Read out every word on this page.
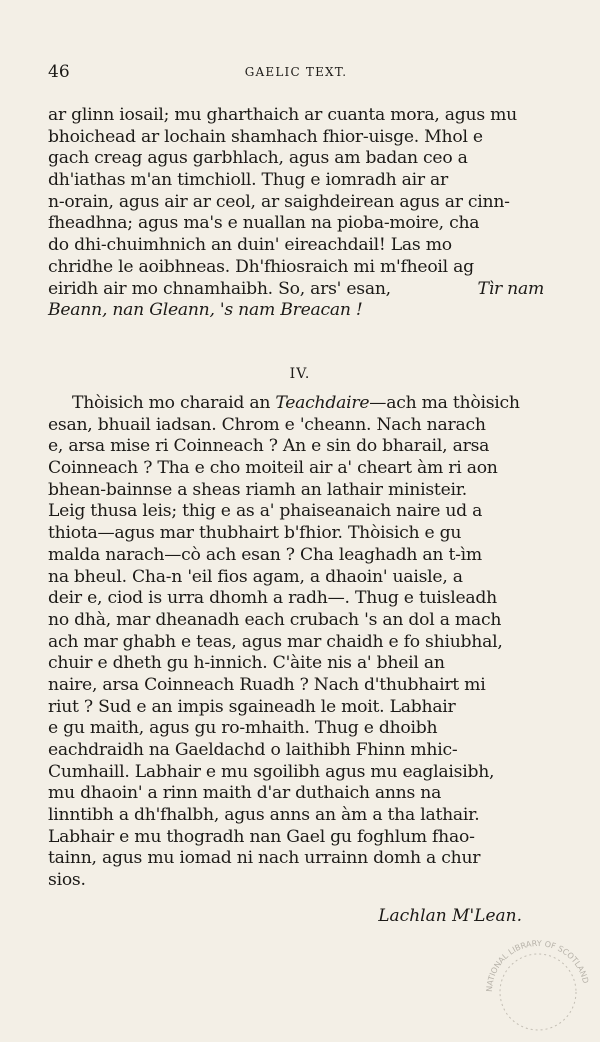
46	GAELIC TEXT.
ar glinn iosail; mu gharthaich ar cuanta mora, agus mu
bhoichead ar lochain shamhach fhior-uisge. Mhol e
gach creag agus garbhlach, agus am badan ceo a
dh'iathas m'an timchioll. Thug e iomradh air ar
n-orain, agus air ar ceol, ar saighdeirean agus ar cinn-
fheadhna; agus ma's e nuallan na pioba-moire, cha
do dhi-chuimhnich an duin' eireachdail! Las mo
chridhe le aoibhneas. Dh'fhiosraich mi m'fheoil ag
eiridh air mo chnamhaibh. So, ars' esan,	Tìr nam
Beann, nan Gleann, 's nam Breacan !
IV.
Thòisich mo charaid an Teachdaire—ach ma thòisich
esan, bhuail iadsan. Chrom e 'cheann. Nach narach
e, arsa mise ri Coinneach ? An e sin do bharail, arsa
Coinneach ? Tha e cho moiteil air a' cheart àm ri aon
bhean-bainnse a sheas riamh an lathair ministeir.
Leig thusa leis; thig e as a' phaiseanaich naire ud a
thiota—agus mar thubhairt b'fhior. Thòisich e gu
malda narach—cò ach esan ? Cha leaghadh an t-ìm
na bheul. Cha-n 'eil fios agam, a dhaoin' uaisle, a
deir e, ciod is urra dhomh a radh—. Thug e tuisleadh
no dhà, mar dheanadh each crubach 's an dol a mach
ach mar ghabh e teas, agus mar chaidh e fo shiubhal,
chuir e dheth gu h-innich. C'àite nis a' bheil an
naire, arsa Coinneach Ruadh ? Nach d'thubhairt mi
riut ? Sud e an impis sgaineadh le moit. Labhair
e gu maith, agus gu ro-mhaith. Thug e dhoibh
eachdraidh na Gaeldachd o laithibh Fhinn mhic-
Cumhaill. Labhair e mu sgoilibh agus mu eaglaisibh,
mu dhaoin' a rinn maith d'ar duthaich anns na
linntibh a dh'fhalbh, agus anns an àm a tha lathair.
Labhair e mu thogradh nan Gael gu foghlum fhao-
tainn, agus mu iomad ni nach urrainn domh a chur
sios.
Lachlan M'Lean.
NATIONAL LIBRARY OF SCOTLAND
